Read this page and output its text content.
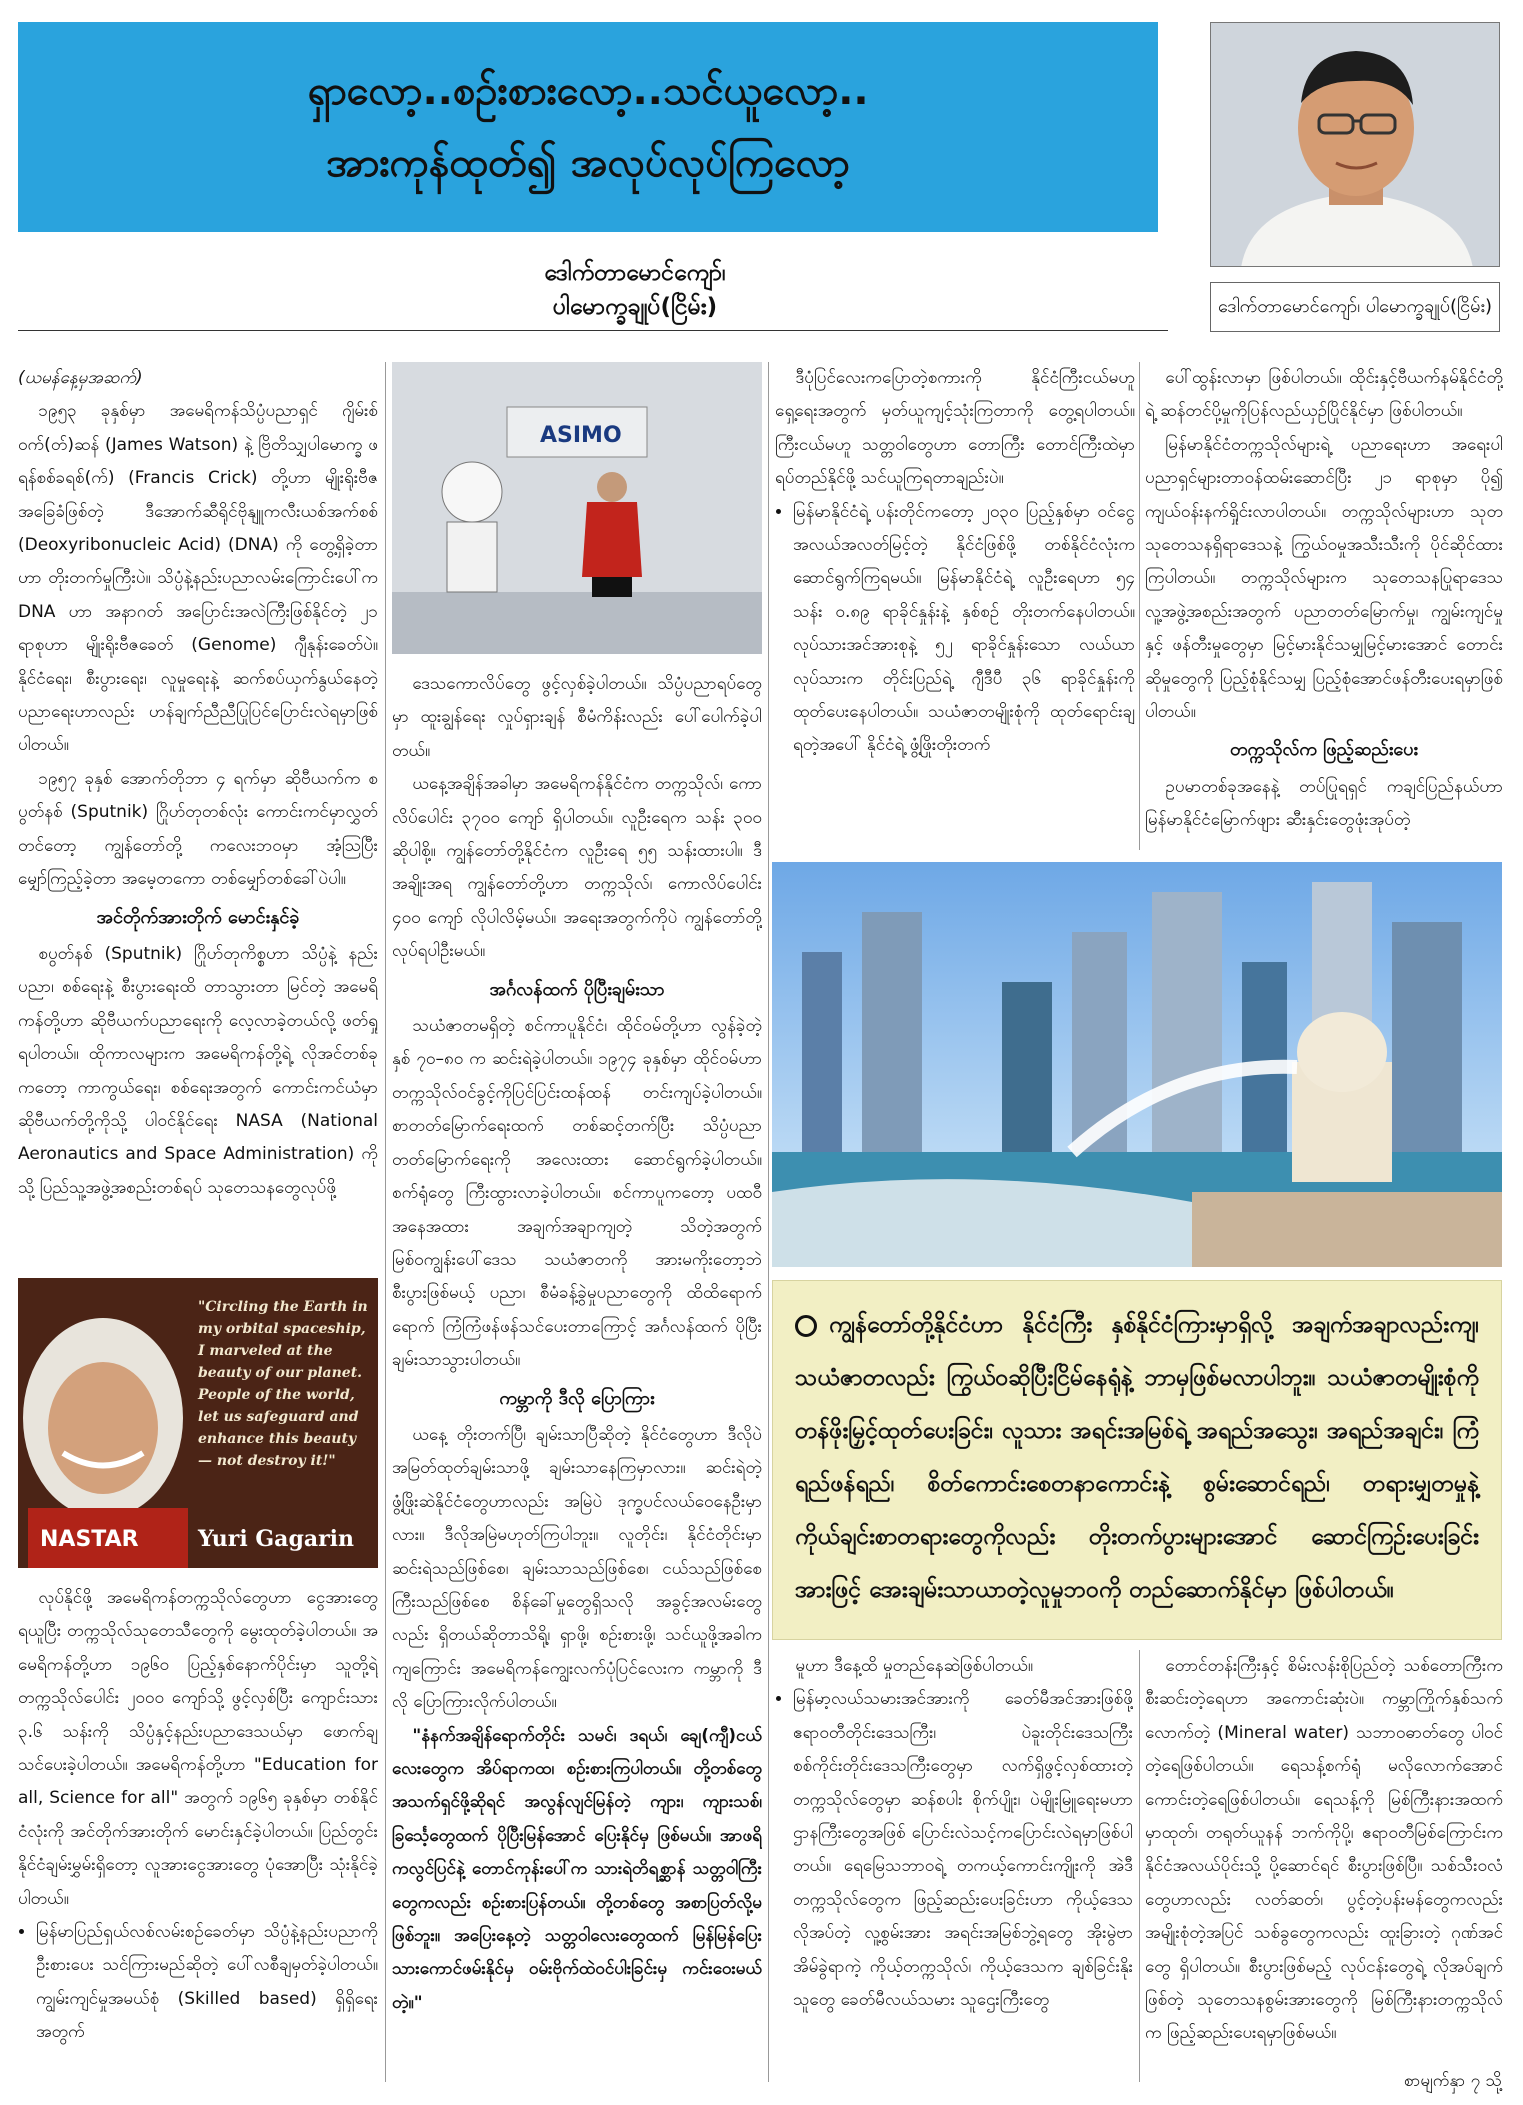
ရှာလော့..စဉ်းစားလော့..သင်ယူလော့..
အားကုန်ထုတ်၍ အလုပ်လုပ်ကြလော့
ဒေါက်တာမောင်ကျော်၊ ပါမောက္ခချုပ်(ငြိမ်း)	ဒေါက်တာမောင်ကျော်၊ ပါမောက္ခချုပ်(ငြိမ်း)

(ယမန်နေ့မှအဆက်)

၁၉၅၃ ခုနှစ်မှာ အမေရိကန်သိပ္ပံပညာရှင် ဂျိမ်းစ်ဝက်(တ်)ဆန် (James Watson) နဲ့ ဗြိတိသျှပါမောက္ခ ဖရန်စစ်ခရစ်(က်) (Francis Crick) တို့ဟာ မျိုးရိုးဗီဇအခြေခံဖြစ်တဲ့ ဒီအောက်ဆီရိုင်ဗိုနျူကလီးယစ်အက်စစ် (Deoxyribonucleic Acid) (DNA) ကို တွေ့ရှိခဲ့တာဟာ တိုးတက်မှုကြီးပဲ။ သိပ္ပံနဲ့နည်းပညာလမ်းကြောင်းပေါ်က DNA ဟာ အနာဂတ် အပြောင်းအလဲကြီးဖြစ်နိုင်တဲ့ ၂၁ ရာစုဟာ မျိုးရိုးဗီဇခေတ် (Genome) ဂျီနုန်းခေတ်ပဲ။ နိုင်ငံရေး၊ စီးပွားရေး၊ လူမှုရေးနဲ့ ဆက်စပ်ယှက်နွယ်နေတဲ့ ပညာရေးဟာလည်း ဟန်ချက်ညီညီပြုပြင်ပြောင်းလဲရမှာဖြစ်ပါတယ်။

၁၉၅၇ ခုနှစ် အောက်တိုဘာ ၄ ရက်မှာ ဆိုဗီယက်က စပွတ်နစ် (Sputnik) ဂြိုဟ်တုတစ်လုံး ကောင်းကင်မှာလွှတ်တင်တော့ ကျွန်တော်တို့ ကလေးဘဝမှာ အံ့သြပြီး မျှော်ကြည့်ခဲ့တာ အမေ့တကော တစ်မျှော်တစ်ခေါ်ပဲပါ။

အင်တိုက်အားတိုက် မောင်းနှင်ခဲ့

စပွတ်နစ် (Sputnik) ဂြိုဟ်တုကိစ္စဟာ သိပ္ပံနဲ့ နည်းပညာ၊ စစ်ရေးနဲ့ စီးပွားရေးထိ တာသွားတာ မြင်တဲ့ အမေရိကန်တို့ဟာ ဆိုဗီယက်ပညာရေးကို လေ့လာခဲ့တယ်လို့ ဖတ်ရှုရပါတယ်။ ထိုကာလများက အမေရိကန်တို့ရဲ့ လိုအင်တစ်ခုကတော့ ကာကွယ်ရေး၊ စစ်ရေးအတွက် ကောင်းကင်ယံမှာ ဆိုဗီယက်တို့ကိုသို့ ပါဝင်နိုင်ရေး NASA (National Aeronautics and Space Administration) ကိုသို့ ပြည်သူ့အဖွဲ့အစည်းတစ်ရပ် သုတေသနတွေလုပ်ဖို့

NASTAR
"Circling the Earth in my orbital spaceship, I marveled at the beauty of our planet. People of the world, let us safeguard and enhance this beauty — not destroy it!"
Yuri Gagarin

လုပ်နိုင်ဖို့ အမေရိကန်တက္ကသိုလ်တွေဟာ ငွေအားတွေရယူပြီး တက္ကသိုလ်သုတေသီတွေကို မွေးထုတ်ခဲ့ပါတယ်။ အမေရိကန်တို့ဟာ ၁၉၆၀ ပြည့်နှစ်နောက်ပိုင်းမှာ သူတို့ရဲ့ တက္ကသိုလ်ပေါင်း ၂၀၀၀ ကျော်သို့ ဖွင့်လှစ်ပြီး ကျောင်းသား ၃.၆ သန်းကို သိပ္ပံနှင့်နည်းပညာဒေသယ်မှာ ဖောက်ချ သင်ပေးခဲ့ပါတယ်။ အမေရိကန်တို့ဟာ "Education for all, Science for all" အတွက် ၁၉၆၅ ခုနှစ်မှာ တစ်နိုင်ငံလုံးကို အင်တိုက်အားတိုက် မောင်းနှင်ခဲ့ပါတယ်။ ပြည်တွင်းနိုင်ငံချမ်းမွှမ်းရှိတော့ လူအားငွေအားတွေ ပုံအောပြီး သုံးနိုင်ခဲ့ပါတယ်။

• မြန်မာပြည်ရှယ်လစ်လမ်းစဉ်ခေတ်မှာ သိပ္ပံနဲ့နည်းပညာကို ဦးစားပေး သင်ကြားမည်ဆိုတဲ့ ပေါ်လစီချမှတ်ခဲ့ပါတယ်။ ကျွမ်းကျင်မှုအမယ်စုံ (Skilled based) ရှိရှိရေးအတွက်
ASIMO

ဒေသကောလိပ်တွေ ဖွင့်လှစ်ခဲ့ပါတယ်။ သိပ္ပံပညာရပ်တွေမှာ ထူးချွန်ရေး လှုပ်ရှားချန် စီမံကိန်းလည်း ပေါ်ပေါက်ခဲ့ပါတယ်။

ယနေ့အချိန်အခါမှာ အမေရိကန်နိုင်ငံက တက္ကသိုလ်၊ ကောလိပ်ပေါင်း ၃၇၀၀ ကျော် ရှိပါတယ်။ လူဦးရေက သန်း ၃၀၀ ဆိုပါစို့။ ကျွန်တော်တို့နိုင်ငံက လူဦးရေ ၅၅ သန်းထားပါ။ ဒီအချိုးအရ ကျွန်တော်တို့ဟာ တက္ကသိုလ်၊ ကောလိပ်ပေါင်း ၄၀၀ ကျော် လိုပါလိမ့်မယ်။ အရေးအတွက်ကိုပဲ ကျွန်တော်တို့ လုပ်ရပါဦးမယ်။

အင်္ဂလန်ထက် ပိုပြီးချမ်းသာ

သယံဇာတမရှိတဲ့ စင်ကာပူနိုင်ငံ၊ ထိုင်ဝမ်တို့ဟာ လွန်ခဲ့တဲ့ နှစ် ၇၀–၈၀ က ဆင်းရဲခဲ့ပါတယ်။ ၁၉၇၄ ခုနှစ်မှာ ထိုင်ဝမ်ဟာ တက္ကသိုလ်ဝင်ခွင့်ကိုပြင်ပြင်းထန်ထန် တင်းကျပ်ခဲ့ပါတယ်။ စာတတ်မြောက်ရေးထက် တစ်ဆင့်တက်ပြီး သိပ္ပံပညာတတ်မြောက်ရေးကို အလေးထား ဆောင်ရွက်ခဲ့ပါတယ်။ စက်ရုံတွေ ကြီးထွားလာခဲ့ပါတယ်။ စင်ကာပူကတော့ ပထဝီအနေအထား အချက်အချာကျတဲ့ သိတဲ့အတွက် မြစ်ဝကျွန်းပေါ်ဒေသ သယံဇာတကို အားမကိုးတော့ဘဲ စီးပွားဖြစ်မယ့် ပညာ၊ စီမံခန့်ခွဲမှုပညာတွေကို ထိထိရောက်ရောက် ကြံကြံဖန်ဖန်သင်ပေးတာကြောင့် အင်္ဂလန်ထက် ပိုပြီးချမ်းသာသွားပါတယ်။

ကမ္ဘာကို ဒီလို ပြောကြား

ယနေ့ တိုးတက်ပြီ၊ ချမ်းသာပြီဆိုတဲ့ နိုင်ငံတွေဟာ ဒီလိုပဲ အမြတ်ထုတ်ချမ်းသာဖို့ ချမ်းသာနေကြမှာလား။ ဆင်းရဲတဲ့ ဖွံ့ဖြိုးဆဲနိုင်ငံတွေဟာလည်း အမြဲပဲ ဒုက္ခပင်လယ်ဝေနေဦးမှာလား။ ဒီလိုအမြဲမဟုတ်ကြပါဘူး။ လူတိုင်း၊ နိုင်ငံတိုင်းမှာ ဆင်းရဲသည်ဖြစ်စေ၊ ချမ်းသာသည်ဖြစ်စေ၊ ငယ်သည်ဖြစ်စေ ကြီးသည်ဖြစ်စေ စိန်ခေါ်မှုတွေရှိသလို အခွင့်အလမ်းတွေလည်း ရှိတယ်ဆိုတာသိရို့၊ ရှာဖို့၊ စဉ်းစားဖို့၊ သင်ယူဖို့အခါကကျကြောင်း အမေရိကန်ကျွေးလက်ပုံပြင်လေးက ကမ္ဘာကို ဒီလို ပြောကြားလိုက်ပါတယ်။

"နံနက်အချိန်ရောက်တိုင်း သမင်၊ ဒရယ်၊ ချေ(ကျီ)ငယ်လေးတွေက အိပ်ရာကထ၊ စဉ်းစားကြပါတယ်။ တို့တစ်တွေ အသက်ရှင်ဖို့ဆိုရင် အလွန်လျင်မြန်တဲ့ ကျား၊ ကျားသစ်၊ ခြင်္သေ့တွေထက် ပိုပြီးမြန်အောင် ပြေးနိုင်မှ ဖြစ်မယ်။ အာဖရိကလွင်ပြင်နဲ့ တောင်ကုန်းပေါ်က သားရဲတိရစ္ဆာန် သတ္တဝါကြီးတွေကလည်း စဉ်းစားပြန်တယ်။ တို့တစ်တွေ အစာပြတ်လို့မဖြစ်ဘူး။ အပြေးနေ့တဲ့ သတ္တဝါလေးတွေထက် မြန်မြန်ပြေး သားကောင်ဖမ်းနိုင်မှ ဝမ်းဗိုက်ထဲဝင်ပါးခြင်းမှ ကင်းဝေးမယ်တဲ့။"

ဒီပုံပြင်လေးကပြောတဲ့စကားကို နိုင်ငံကြီးငယ်မဟူ ရှေ့ရေးအတွက် မှတ်ယူကျင့်သုံးကြတာကို တွေ့ရပါတယ်။ ကြီးငယ်မဟူ သတ္တဝါတွေဟာ တောကြီး တောင်ကြီးထဲမှာ ရပ်တည်နိုင်ဖို့ သင်ယူကြရတာချည်းပဲ။

• မြန်မာနိုင်ငံရဲ့ ပန်းတိုင်ကတော့ ၂၀၃၀ ပြည့်နှစ်မှာ ဝင်ငွေအလယ်အလတ်မြင့်တဲ့ နိုင်ငံဖြစ်ဖို့ တစ်နိုင်ငံလုံးက ဆောင်ရွက်ကြရမယ်။ မြန်မာနိုင်ငံရဲ့ လူဦးရေဟာ ၅၄ သန်း ၀.၈၉ ရာခိုင်နှုန်းနဲ့ နှစ်စဉ် တိုးတက်နေပါတယ်။ လုပ်သားအင်အားစုနဲ့ ၅၂ ရာခိုင်နှုန်းသော လယ်ယာလုပ်သားက တိုင်းပြည်ရဲ့ ဂျီဒီပီ ၃၆ ရာခိုင်နှုန်းကို ထုတ်ပေးနေပါတယ်။ သယံဇာတမျိုးစုံကို ထုတ်ရောင်းချရတဲ့အပေါ် နိုင်ငံရဲ့ ဖွံ့ဖြိုးတိုးတက်

ပေါ်ထွန်းလာမှာ ဖြစ်ပါတယ်။ ထိုင်းနှင့်ဗီယက်နမ်နိုင်ငံတို့ရဲ့ ဆန်တင်ပို့မှုကိုပြန်လည်ယှဉ်ပြိုင်နိုင်မှာ ဖြစ်ပါတယ်။

မြန်မာနိုင်ငံတက္ကသိုလ်များရဲ့ ပညာရေးဟာ အရေးပါ ပညာရှင်များတာဝန်ထမ်းဆောင်ပြီး ၂၁ ရာစုမှာ ပို၍ ကျယ်ဝန်းနက်ရှိုင်းလာပါတယ်။ တက္ကသိုလ်များဟာ သုတသုတေသနရှိရာဒေသနဲ့ ကြွယ်ဝမှုအသီးသီးကို ပိုင်ဆိုင်ထားကြပါတယ်။ တက္ကသိုလ်များက သုတေသနပြုရာဒေသ လူ့အဖွဲ့အစည်းအတွက် ပညာတတ်မြောက်မှု၊ ကျွမ်းကျင်မှုနှင့် ဖန်တီးမှုတွေမှာ မြင့်မားနိုင်သမျှမြင့်မားအောင် တောင်းဆိုမှုတွေကို ပြည့်စုံနိုင်သမျှ ပြည့်စုံအောင်ဖန်တီးပေးရမှာဖြစ်ပါတယ်။

တက္ကသိုလ်က ဖြည့်ဆည်းပေး

ဥပမာတစ်ခုအနေနဲ့ တပ်ပြုရရှင် ကချင်ပြည်နယ်ဟာ မြန်မာနိုင်ငံမြောက်ဖျား ဆီးနှင်းတွေဖုံးအုပ်တဲ့

ကျွန်တော်တို့နိုင်ငံဟာ နိုင်ငံကြီး နှစ်နိုင်ငံကြားမှာရှိလို့ အချက်အချာလည်းကျ၊ သယံဇာတလည်း ကြွယ်ဝဆိုပြီးငြိမ်နေရုံနဲ့ ဘာမှဖြစ်မလာပါဘူး။ သယံဇာတမျိုးစုံကို တန်ဖိုးမြှင့်ထုတ်ပေးခြင်း၊ လူသား အရင်းအမြစ်ရဲ့ အရည်အသွေး၊ အရည်အချင်း၊ ကြံရည်ဖန်ရည်၊ စိတ်ကောင်းစေတနာကောင်းနဲ့ စွမ်းဆောင်ရည်၊ တရားမျှတမှုနဲ့ ကိုယ်ချင်းစာတရားတွေကိုလည်း တိုးတက်ပွားများအောင် ဆောင်ကြဉ်းပေးခြင်းအားဖြင့် အေးချမ်းသာယာတဲ့လူမှုဘဝကို တည်ဆောက်နိုင်မှာ ဖြစ်ပါတယ်။

မူဟာ ဒီနေ့ထိ မှုတည်နေဆဲဖြစ်ပါတယ်။

• မြန်မာ့လယ်သမားအင်အားကို ခေတ်မီအင်အားဖြစ်ဖို့ ဧရာဝတီတိုင်းဒေသကြီး၊ ပဲခူးတိုင်းဒေသကြီး စစ်ကိုင်းတိုင်းဒေသကြီးတွေမှာ လက်ရှိဖွင့်လှစ်ထားတဲ့ တက္ကသိုလ်တွေမှာ ဆန်စပါး စိုက်ပျိုး၊ ပဲမျိုးမြူရေးမဟာဌာနကြီးတွေအဖြစ် ပြောင်းလဲသင့်ကပြောင်းလဲရမှာဖြစ်ပါတယ်။ ရေမြေသဘာဝရဲ့ တကယ့်ကောင်းကျိုးကို အဲဒီ တက္ကသိုလ်တွေက ဖြည့်ဆည်းပေးခြင်းဟာ ကိုယ့်ဒေသ လိုအပ်တဲ့ လူ့စွမ်းအား အရင်းအမြစ်ဘွဲ့ရတွေ အိုးမွဲဗာ အိမ်ခွဲရာကဲ့ ကိုယ့်တက္ကသိုလ်၊ ကိုယ့်ဒေသက ချစ်ခြင်းနိုးသူတွေ ခေတ်မီလယ်သမား သူဌေးကြီးတွေ

တောင်တန်းကြီးနှင့် စိမ်းလန်းစိုပြည်တဲ့ သစ်တောကြီးက စီးဆင်းတဲ့ရေဟာ အကောင်းဆုံးပဲ။ ကမ္ဘာကြိုက်နှစ်သက်လောက်တဲ့ (Mineral water) သဘာဝဓာတ်တွေ ပါဝင်တဲ့ရေဖြစ်ပါတယ်။ ရေသန့်စက်ရုံ မလိုလောက်အောင် ကောင်းတဲ့ရေဖြစ်ပါတယ်။ ရေသန့်ကို မြစ်ကြီးနားအထက်မှာထုတ်၊ တရုတ်ယူနန် ဘက်ကိုပို့၊ ဧရာဝတီမြစ်ကြောင်းကနိုင်ငံအလယ်ပိုင်းသို့ ပို့ဆောင်ရင် စီးပွားဖြစ်ပြီ။ သစ်သီးဝလံတွေဟာလည်း လတ်ဆတ်၊ ပွင့်တဲ့ပန်းမန်တွေကလည်း အမျိုးစုံတဲ့အပြင် သစ်ခွတွေကလည်း ထူးခြားတဲ့ ဂုဏ်အင်တွေ ရှိပါတယ်။ စီးပွားဖြစ်မည့် လုပ်ငန်းတွေရဲ့ လိုအပ်ချက်ဖြစ်တဲ့ သုတေသနစွမ်းအားတွေကို မြစ်ကြီးနားတက္ကသိုလ်က ဖြည့်ဆည်းပေးရမှာဖြစ်မယ်။

စာမျက်နှာ ၇ သို့
